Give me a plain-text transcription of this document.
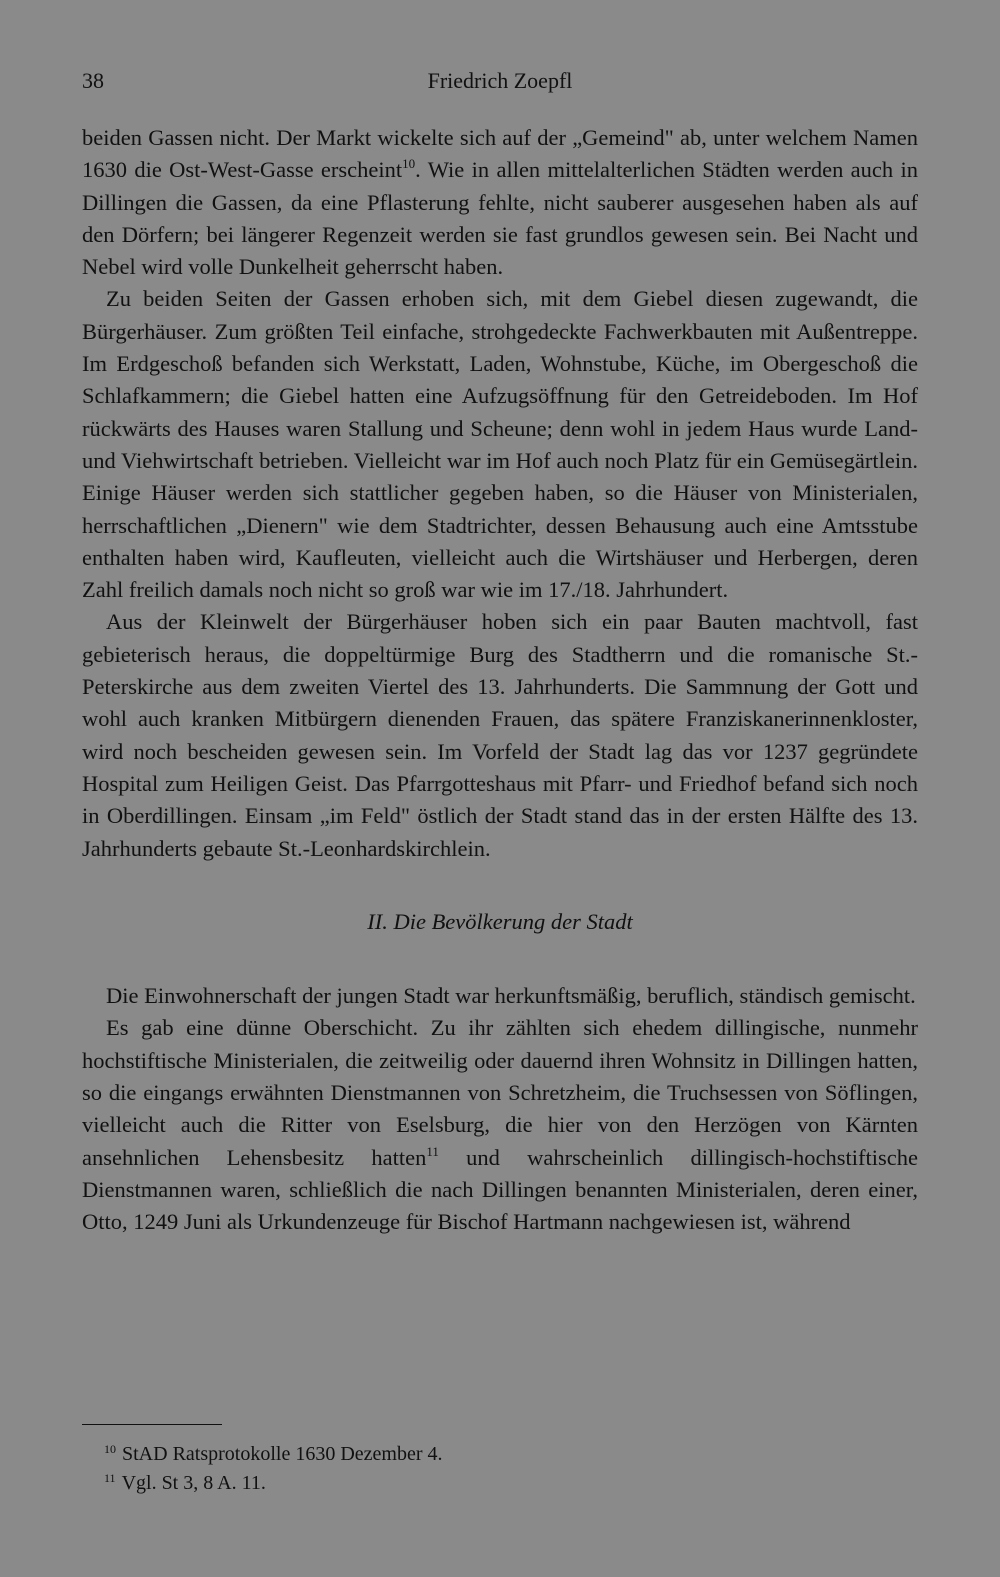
38	Friedrich Zoepfl

beiden Gassen nicht. Der Markt wickelte sich auf der „Gemeind" ab, unter welchem Namen 1630 die Ost-West-Gasse erscheint$^{10}$. Wie in allen mittelalterlichen Städten werden auch in Dillingen die Gassen, da eine Pflasterung fehlte, nicht sauberer ausgesehen haben als auf den Dörfern; bei längerer Regenzeit werden sie fast grundlos gewesen sein. Bei Nacht und Nebel wird volle Dunkelheit geherrscht haben.

Zu beiden Seiten der Gassen erhoben sich, mit dem Giebel diesen zugewandt, die Bürgerhäuser. Zum größten Teil einfache, strohgedeckte Fachwerkbauten mit Außentreppe. Im Erdgeschoß befanden sich Werkstatt, Laden, Wohnstube, Küche, im Obergeschoß die Schlafkammern; die Giebel hatten eine Aufzugsöffnung für den Getreideboden. Im Hof rückwärts des Hauses waren Stallung und Scheune; denn wohl in jedem Haus wurde Land- und Viehwirtschaft betrieben. Vielleicht war im Hof auch noch Platz für ein Gemüsegärtlein. Einige Häuser werden sich stattlicher gegeben haben, so die Häuser von Ministerialen, herrschaftlichen „Dienern" wie dem Stadtrichter, dessen Behausung auch eine Amtsstube enthalten haben wird, Kaufleuten, vielleicht auch die Wirtshäuser und Herbergen, deren Zahl freilich damals noch nicht so groß war wie im 17./18. Jahrhundert.

Aus der Kleinwelt der Bürgerhäuser hoben sich ein paar Bauten machtvoll, fast gebieterisch heraus, die doppeltürmige Burg des Stadtherrn und die romanische St.-Peterskirche aus dem zweiten Viertel des 13. Jahrhunderts. Die Sammnung der Gott und wohl auch kranken Mitbürgern dienenden Frauen, das spätere Franziskanerinnenkloster, wird noch bescheiden gewesen sein. Im Vorfeld der Stadt lag das vor 1237 gegründete Hospital zum Heiligen Geist. Das Pfarrgotteshaus mit Pfarr- und Friedhof befand sich noch in Oberdillingen. Einsam „im Feld" östlich der Stadt stand das in der ersten Hälfte des 13. Jahrhunderts gebaute St.-Leonhardskirchlein.

II. Die Bevölkerung der Stadt

Die Einwohnerschaft der jungen Stadt war herkunftsmäßig, beruflich, ständisch gemischt.

Es gab eine dünne Oberschicht. Zu ihr zählten sich ehedem dillingische, nunmehr hochstiftische Ministerialen, die zeitweilig oder dauernd ihren Wohnsitz in Dillingen hatten, so die eingangs erwähnten Dienstmannen von Schretzheim, die Truchsessen von Söflingen, vielleicht auch die Ritter von Eselsburg, die hier von den Herzögen von Kärnten ansehnlichen Lehensbesitz hatten$^{11}$ und wahrscheinlich dillingisch-hochstiftische Dienstmannen waren, schließlich die nach Dillingen benannten Ministerialen, deren einer, Otto, 1249 Juni als Urkundenzeuge für Bischof Hartmann nachgewiesen ist, während

$^{10}$ StAD Ratsprotokolle 1630 Dezember 4.
$^{11}$ Vgl. St 3, 8 A. 11.
